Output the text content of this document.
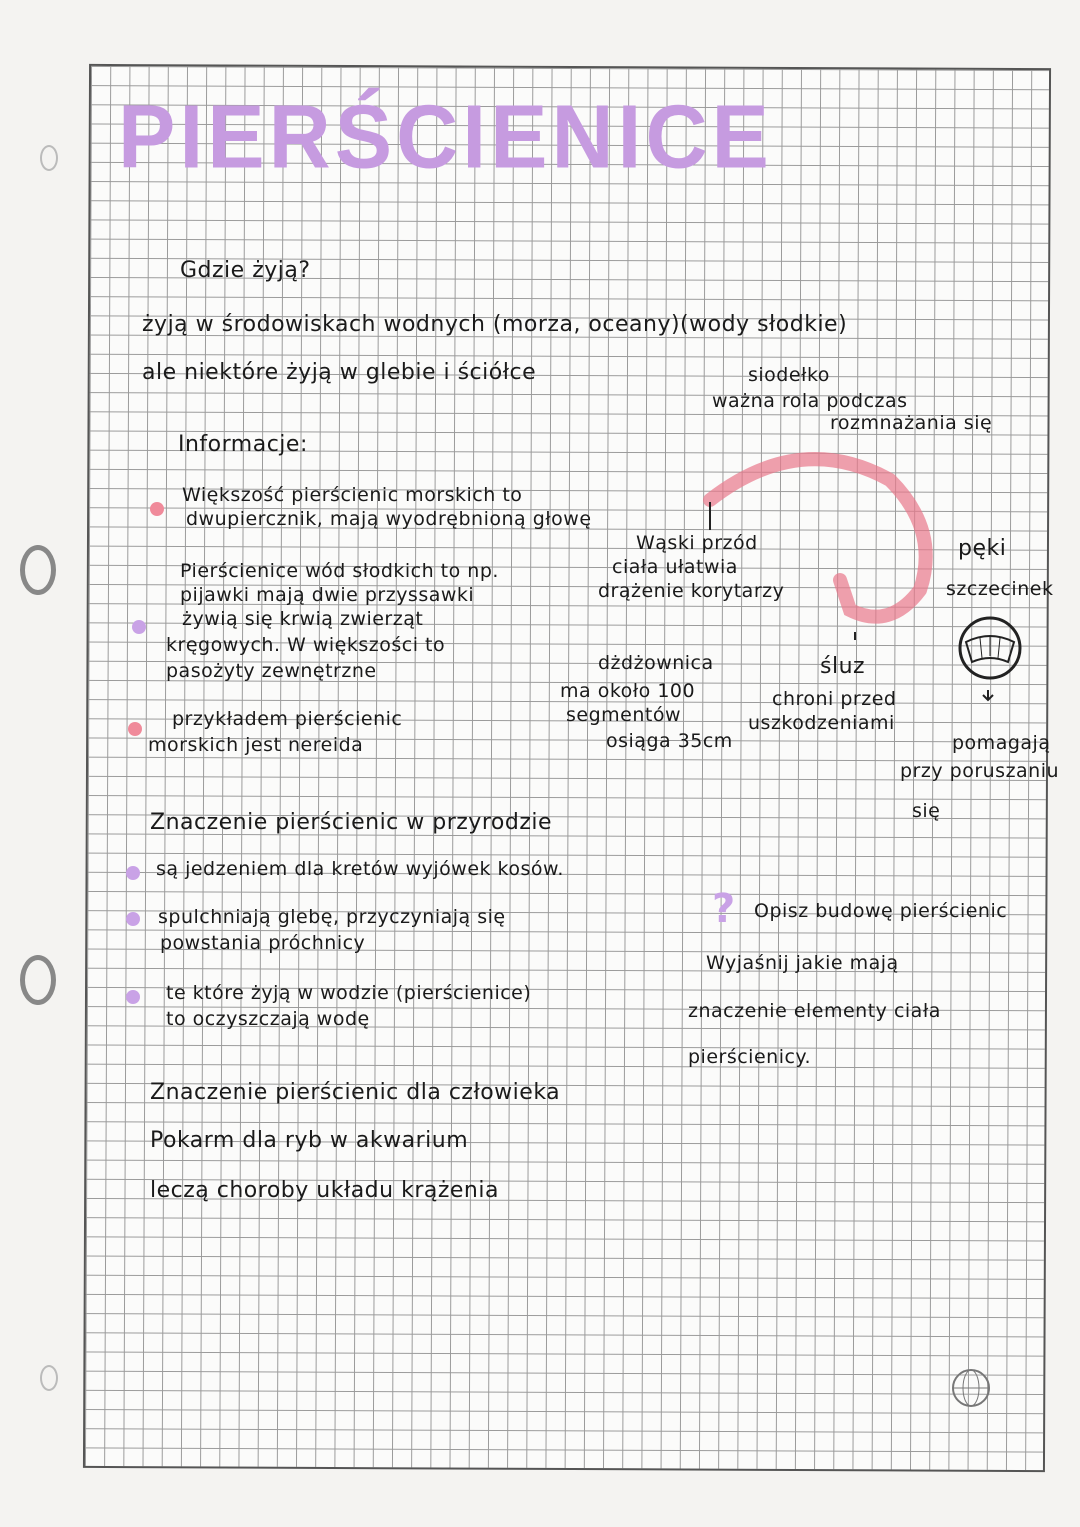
PIERŚCIENICE
Gdzie żyją?
żyją w środowiskach wodnych (morza, oceany)(wody słodkie)
ale niektóre żyją w glebie i ściółce
Informacje:
Większość pierścienic morskich to
dwupiercznik, mają wyodrębnioną głowę
Pierścienice wód słodkich to np.
pijawki mają dwie przyssawki
żywią się krwią zwierząt
kręgowych. W większości to
pasożyty zewnętrzne
przykładem pierścienic
morskich jest nereida
siodełko
ważna rola podczas
rozmnażania się
Wąski przód
ciała ułatwia
drążenie korytarzy
pęki
szczecinek
pomagają
przy poruszaniu
się
dżdżownica
ma około 100
segmentów
osiąga 35cm
śluz
chroni przed
uszkodzeniami
Znaczenie pierścienic w przyrodzie
są jedzeniem dla kretów wyjówek kosów.
spulchniają glebę, przyczyniają się
powstania próchnicy
te które żyją w wodzie (pierścienice)
to oczyszczają wodę
? Opisz budowę pierścienic
Wyjaśnij jakie mają
znaczenie elementy ciała
pierścienicy.
Znaczenie pierścienic dla człowieka
Pokarm dla ryb w akwarium
leczą choroby układu krążenia
